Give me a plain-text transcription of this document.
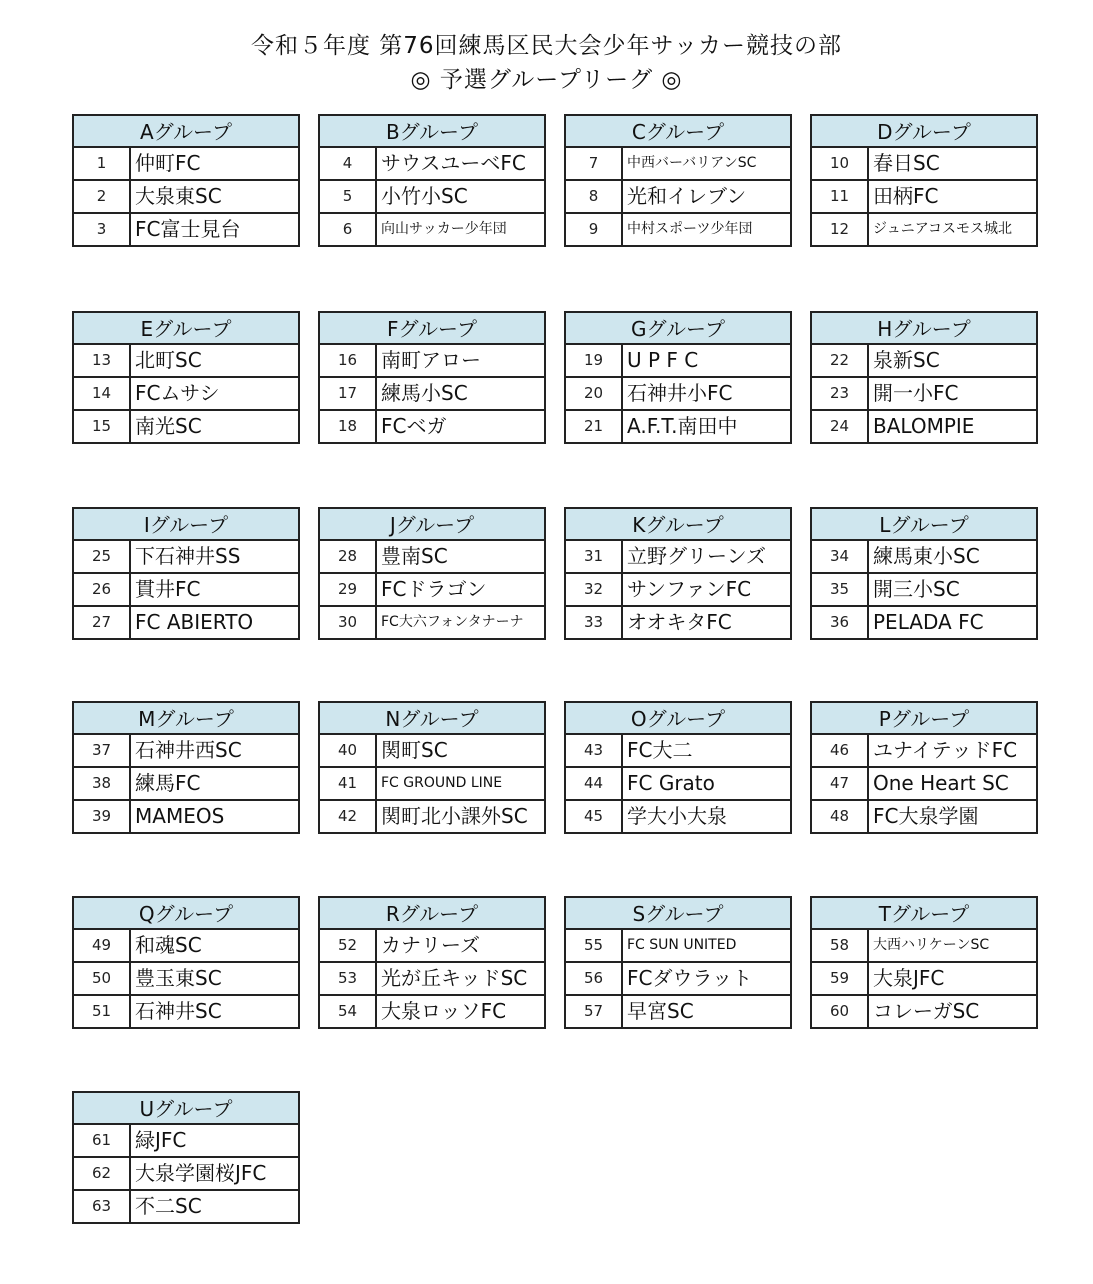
令和５年度 第76回練馬区民大会少年サッカー競技の部
◎ 予選グループリーグ ◎
Aグループ
1	仲町FC
2	大泉東SC
3	FC富士見台
Bグループ
4	サウスユーベFC
5	小竹小SC
6	向山サッカー少年団
Cグループ
7	中西バーバリアンSC
8	光和イレブン
9	中村スポーツ少年団
Dグループ
10	春日SC
11	田柄FC
12	ジュニアコスモス城北
Eグループ
13	北町SC
14	FCムサシ
15	南光SC
Fグループ
16	南町アロー
17	練馬小SC
18	FCベガ
Gグループ
19	U P F C
20	石神井小FC
21	A.F.T.南田中
Hグループ
22	泉新SC
23	開一小FC
24	BALOMPIE
Iグループ
25	下石神井SS
26	貫井FC
27	FC ABIERTO
Jグループ
28	豊南SC
29	FCドラゴン
30	FC大六フォンタナーナ
Kグループ
31	立野グリーンズ
32	サンファンFC
33	オオキタFC
Lグループ
34	練馬東小SC
35	開三小SC
36	PELADA FC
Mグループ
37	石神井西SC
38	練馬FC
39	MAMEOS
Nグループ
40	関町SC
41	FC GROUND LINE
42	関町北小課外SC
Oグループ
43	FC大二
44	FC Grato
45	学大小大泉
Pグループ
46	ユナイテッドFC
47	One Heart SC
48	FC大泉学園
Qグループ
49	和魂SC
50	豊玉東SC
51	石神井SC
Rグループ
52	カナリーズ
53	光が丘キッドSC
54	大泉ロッソFC
Sグループ
55	FC SUN UNITED
56	FCダウラット
57	早宮SC
Tグループ
58	大西ハリケーンSC
59	大泉JFC
60	コレーガSC
Uグループ
61	緑JFC
62	大泉学園桜JFC
63	不二SC
